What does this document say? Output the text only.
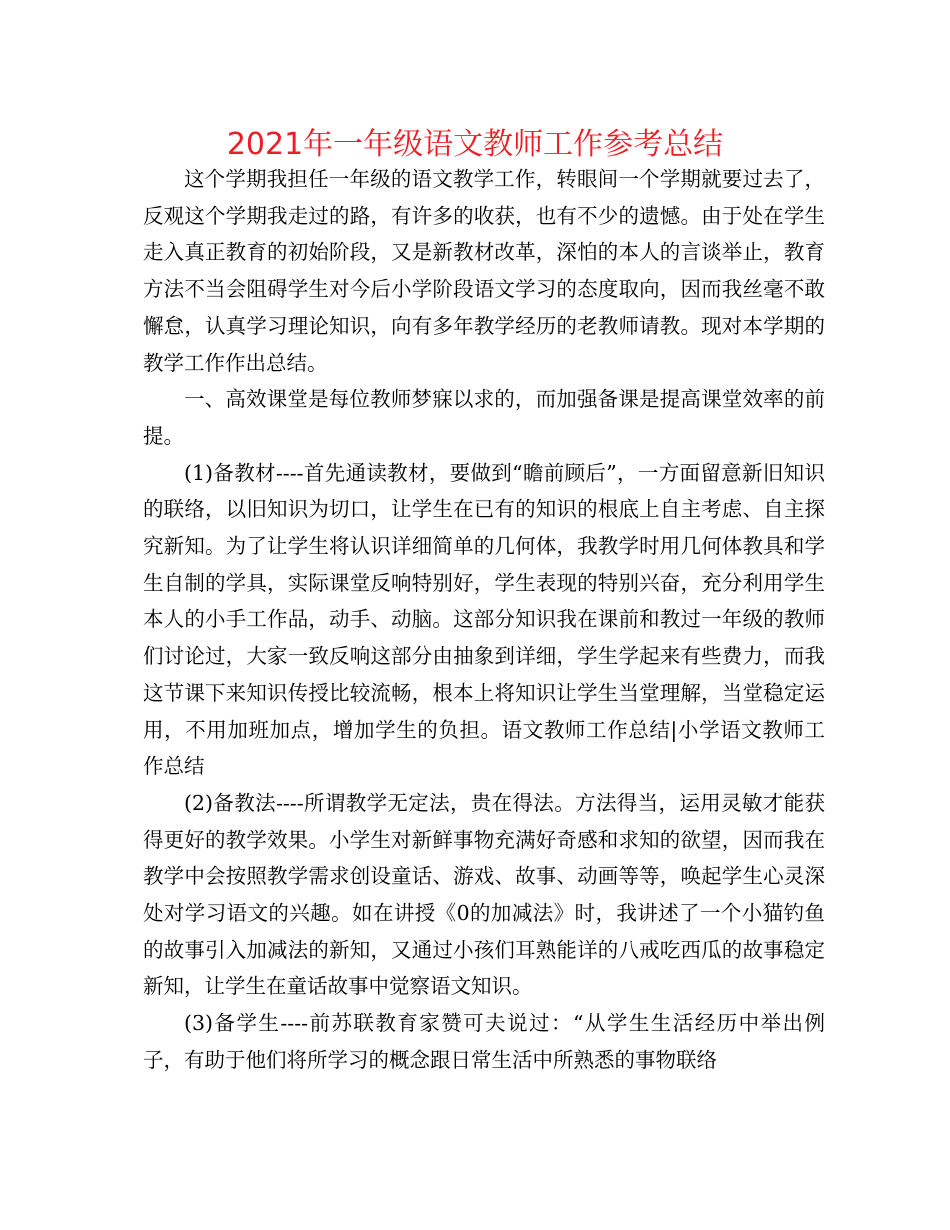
2021年一年级语文教师工作参考总结

这个学期我担任一年级的语文教学工作，转眼间一个学期就要过去了，反观这个学期我走过的路，有许多的收获，也有不少的遗憾。由于处在学生走入真正教育的初始阶段，又是新教材改革，深怕的本人的言谈举止，教育方法不当会阻碍学生对今后小学阶段语文学习的态度取向，因而我丝毫不敢懈怠，认真学习理论知识，向有多年教学经历的老教师请教。现对本学期的教学工作作出总结。

一、高效课堂是每位教师梦寐以求的，而加强备课是提高课堂效率的前提。

(1)备教材----首先通读教材，要做到“瞻前顾后”，一方面留意新旧知识的联络，以旧知识为切口，让学生在已有的知识的根底上自主考虑、自主探究新知。为了让学生将认识详细简单的几何体，我教学时用几何体教具和学生自制的学具，实际课堂反响特别好，学生表现的特别兴奋，充分利用学生本人的小手工作品，动手、动脑。这部分知识我在课前和教过一年级的教师们讨论过，大家一致反响这部分由抽象到详细，学生学起来有些费力，而我这节课下来知识传授比较流畅，根本上将知识让学生当堂理解，当堂稳定运用，不用加班加点，增加学生的负担。语文教师工作总结|小学语文教师工作总结

(2)备教法----所谓教学无定法，贵在得法。方法得当，运用灵敏才能获得更好的教学效果。小学生对新鲜事物充满好奇感和求知的欲望，因而我在教学中会按照教学需求创设童话、游戏、故事、动画等等，唤起学生心灵深处对学习语文的兴趣。如在讲授《0的加减法》时，我讲述了一个小猫钓鱼的故事引入加减法的新知，又通过小孩们耳熟能详的八戒吃西瓜的故事稳定新知，让学生在童话故事中觉察语文知识。

(3)备学生----前苏联教育家赞可夫说过：“从学生生活经历中举出例子，有助于他们将所学习的概念跟日常生活中所熟悉的事物联络
